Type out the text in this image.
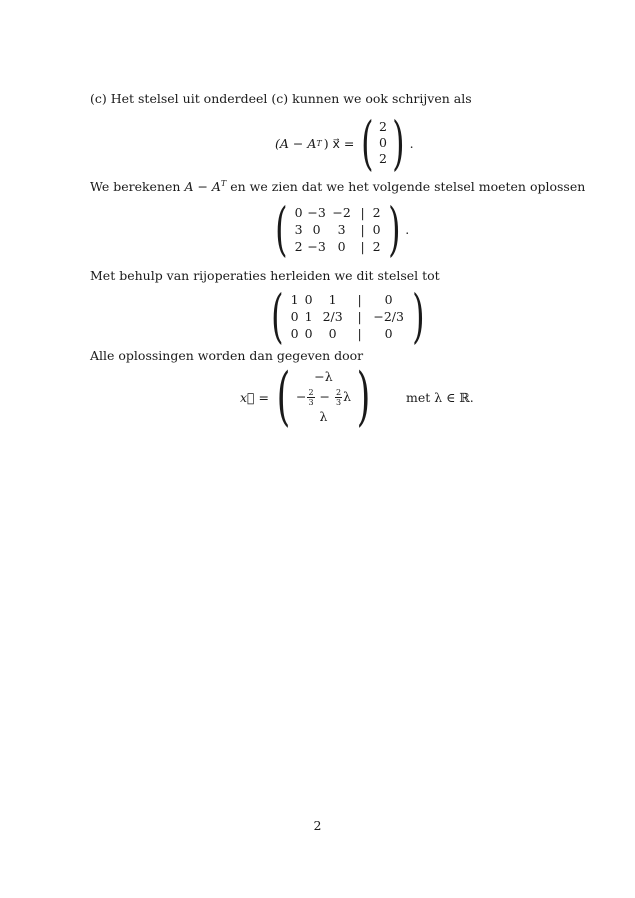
(c) Het stelsel uit onderdeel (c) kunnen we ook schrijven als
(A − A T ) x⃗ = ( 2
0
2 ) .
We berekenen $A - A^T$ en we zien dat we het volgende stelsel moeten oplossen
( 0 −3 −2 | 2
3 0	3	| 0
2 −3 0	| 2 ) .
Met behulp van rijoperaties herleiden we dit stelsel tot
( 1 0	1	|	0
0 1 2/3	| −2/3
0 0	0	|	0 )
Alle oplossingen worden dan gegeven door
x⃗ = ( −λ
− $\frac{2}{3} - \frac{2}{3}$ λ
λ )	met λ ∈ ℝ.
2
